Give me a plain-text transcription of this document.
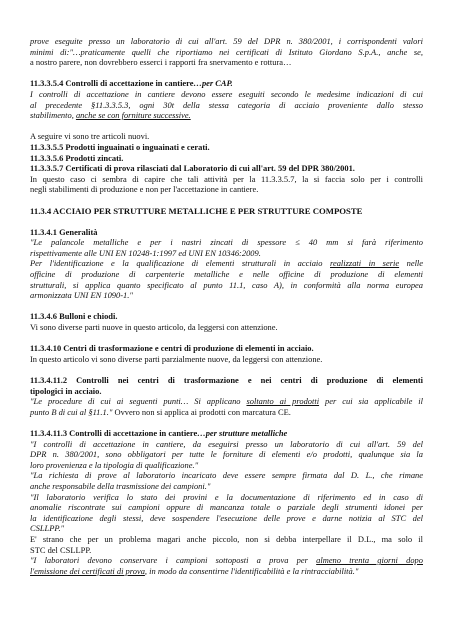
prove eseguite presso un laboratorio di cui all'art. 59 del DPR n. 380/2001, i corrispondenti valori

minimi di:"…praticamente quelli che riportiamo nei certificati di Istituto Giordano S.p.A., anche se,

a nostro parere, non dovrebbero esserci i rapporti fra snervamento e rottura…

11.3.3.5.4 Controlli di accettazione in cantiere…per CAP.

I controlli di accettazione in cantiere devono essere eseguiti secondo le medesime indicazioni di cui

al precedente §11.3.3.5.3, ogni 30t della stessa categoria di acciaio proveniente dallo stesso

stabilimento, anche se con forniture successive.

A seguire vi sono tre articoli nuovi.

11.3.3.5.5 Prodotti inguainati o inguainati e cerati.

11.3.3.5.6 Prodotti zincati.

11.3.3.5.7 Certificati di prova rilasciati dal Laboratorio di cui all'art. 59 del DPR 380/2001.

In questo caso ci sembra di capire che tali attività per la 11.3.3.5.7, la si faccia solo per i controlli

negli stabilimenti di produzione e non per l'accettazione in cantiere.

11.3.4 ACCIAIO PER STRUTTURE METALLICHE E PER STRUTTURE COMPOSTE

11.3.4.1 Generalità

"Le palancole metalliche e per i nastri zincati di spessore ≤ 40 mm si farà riferimento

rispettivamente alle UNI EN 10248-1:1997 ed UNI EN 10346:2009.

Per l'identificazione e la qualificazione di elementi strutturali in acciaio realizzati in serie nelle

officine di produzione di carpenterie metalliche e nelle officine di produzione di elementi

strutturali, si applica quanto specificato al punto 11.1, caso A), in conformità alla norma europea

armonizzata UNI EN 1090-1."

11.3.4.6 Bulloni e chiodi.

Vi sono diverse parti nuove in questo articolo, da leggersi con attenzione.

11.3.4.10 Centri di trasformazione e centri di produzione di elementi in acciaio.

In questo articolo vi sono diverse parti parzialmente nuove, da leggersi con attenzione.

11.3.4.11.2 Controlli nei centri di trasformazione e nei centri di produzione di elementi

tipologici in acciaio.

"Le procedure di cui ai seguenti punti… Si applicano soltanto ai prodotti per cui sia applicabile il

punto B di cui al §11.1." Ovvero non si applica ai prodotti con marcatura CE.

11.3.4.11.3 Controlli di accettazione in cantiere…per strutture metalliche

"I controlli di accettazione in cantiere, da eseguirsi presso un laboratorio di cui all'art. 59 del

DPR n. 380/2001, sono obbligatori per tutte le forniture di elementi e/o prodotti, qualunque sia la

loro provenienza e la tipologia di qualificazione."

"La richiesta di prove al laboratorio incaricato deve essere sempre firmata dal D. L., che rimane

anche responsabile della trasmissione dei campioni."

"Il laboratorio verifica lo stato dei provini e la documentazione di riferimento ed in caso di

anomalie riscontrate sui campioni oppure di mancanza totale o parziale degli strumenti idonei per

la identificazione degli stessi, deve sospendere l'esecuzione delle prove e darne notizia al STC del

CSLLPP."

E' strano che per un problema magari anche piccolo, non si debba interpellare il D.L., ma solo il

STC del CSLLPP.

"I laboratori devono conservare i campioni sottoposti a prova per almeno trenta giorni dopo

l'emissione dei certificati di prova, in modo da consentirne l'identificabilità e la rintracciabilità."
